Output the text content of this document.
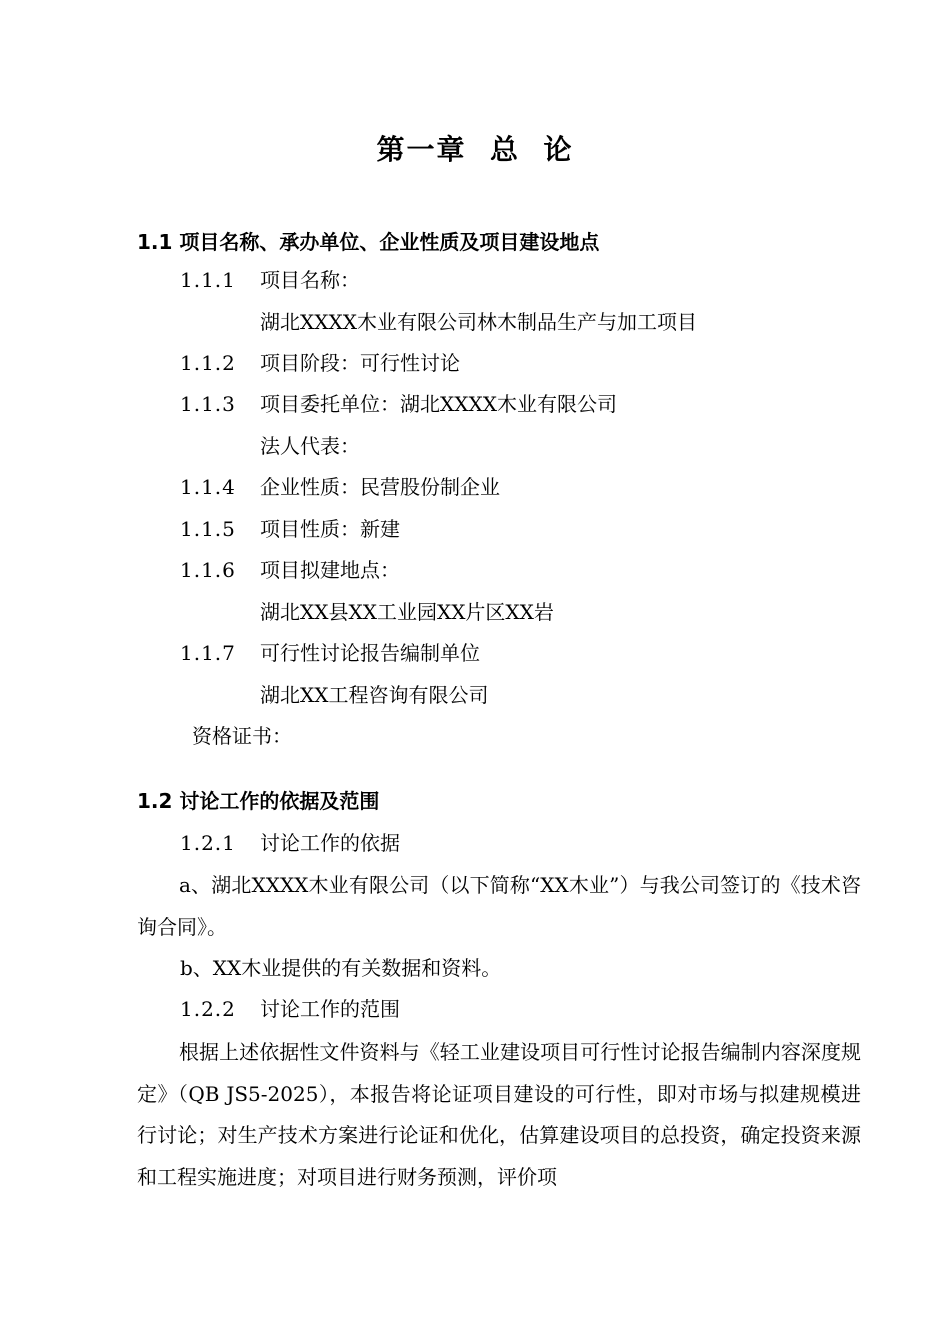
第一章  总  论
1.1 项目名称、承办单位、企业性质及项目建设地点
1.1.1 项目名称：
湖北XXXX木业有限公司林木制品生产与加工项目
1.1.2 项目阶段：可行性讨论
1.1.3 项目委托单位：湖北XXXX木业有限公司
法人代表：
1.1.4 企业性质：民营股份制企业
1.1.5 项目性质：新建
1.1.6 项目拟建地点：
湖北XX县XX工业园XX片区XX岩
1.1.7 可行性讨论报告编制单位
湖北XX工程咨询有限公司
资格证书：
1.2 讨论工作的依据及范围
1.2.1 讨论工作的依据
a、湖北XXXX木业有限公司（以下简称“XX木业”）与我公司签订的《技术咨询合同》。
b、XX木业提供的有关数据和资料。
1.2.2 讨论工作的范围
根据上述依据性文件资料与《轻工业建设项目可行性讨论报告编制内容深度规定》（QB JS5-2025），本报告将论证项目建设的可行性，即对市场与拟建规模进行讨论；对生产技术方案进行论证和优化，估算建设项目的总投资，确定投资来源和工程实施进度；对项目进行财务预测，评价项
